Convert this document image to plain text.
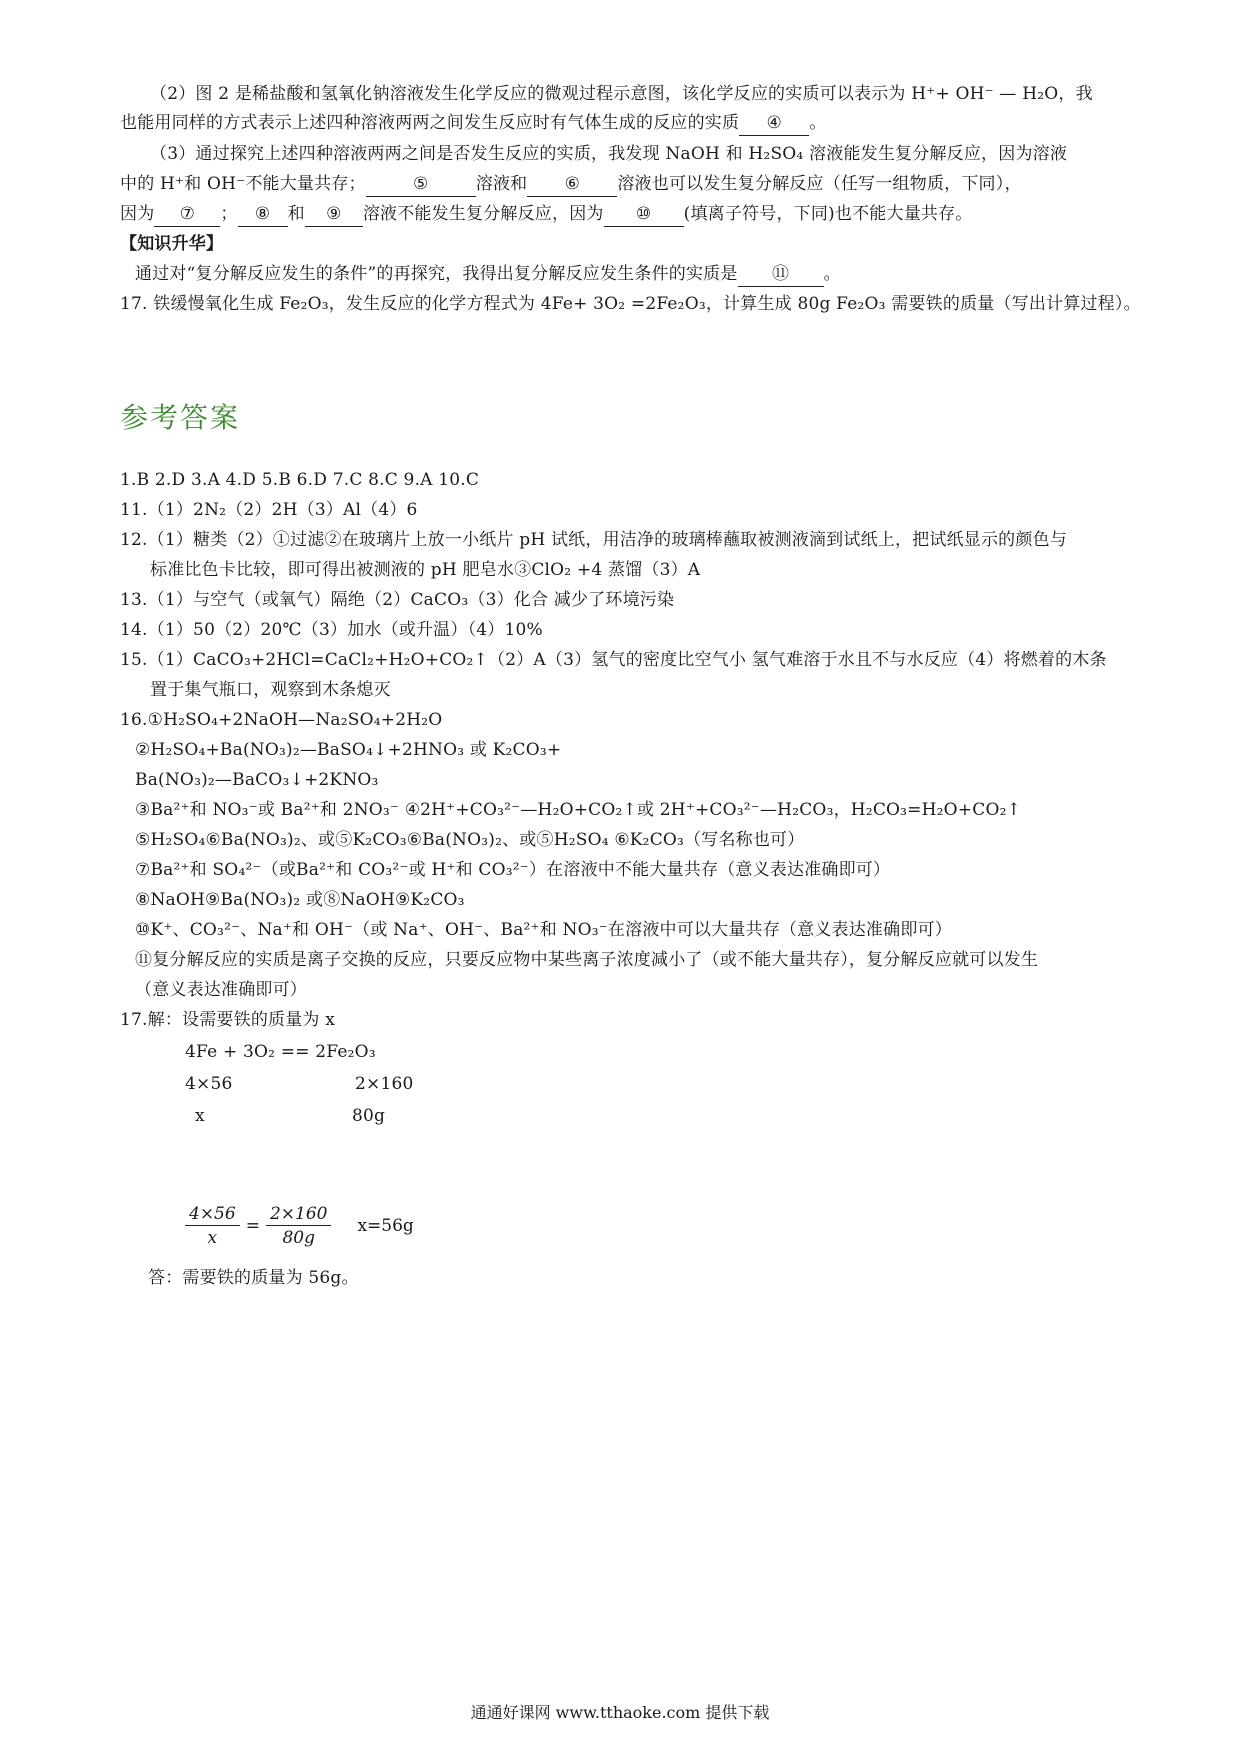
（2）图 2 是稀盐酸和氢氧化钠溶液发生化学反应的微观过程示意图，该化学反应的实质可以表示为 H⁺+ OH⁻ — H₂O，我
也能用同样的方式表示上述四种溶液两两之间发生反应时有气体生成的反应的实质 ④ 。
（3）通过探究上述四种溶液两两之间是否发生反应的实质，我发现 NaOH 和 H₂SO₄ 溶液能发生复分解反应，因为溶液
中的 H⁺和 OH⁻不能大量共存；	⑤	溶液和 ⑥ 溶液也可以发生复分解反应（任写一组物质，下同），
因为 ⑦ ； ⑧ 和 ⑨ 溶液不能发生复分解反应，因为 ⑩ (填离子符号，下同)也不能大量共存。
【知识升华】
通过对“复分解反应发生的条件”的再探究，我得出复分解反应发生条件的实质是 ⑪ 。
17. 铁缓慢氧化生成 Fe₂O₃，发生反应的化学方程式为 4Fe+ 3O₂ =2Fe₂O₃，计算生成 80g Fe₂O₃ 需要铁的质量（写出计算过程）。
参考答案
1.B 2.D 3.A 4.D 5.B 6.D 7.C 8.C 9.A 10.C
11.（1）2N₂（2）2H（3）Al（4）6
12.（1）糖类（2）①过滤②在玻璃片上放一小纸片 pH 试纸，用洁净的玻璃棒蘸取被测液滴到试纸上，把试纸显示的颜色与
标准比色卡比较，即可得出被测液的 pH 肥皂水③ClO₂ +4 蒸馏（3）A
13.（1）与空气（或氧气）隔绝（2）CaCO₃（3）化合 减少了环境污染
14.（1）50（2）20℃（3）加水（或升温）（4）10%
15.（1）CaCO₃+2HCl=CaCl₂+H₂O+CO₂↑（2）A（3）氢气的密度比空气小 氢气难溶于水且不与水反应（4）将燃着的木条
置于集气瓶口，观察到木条熄灭
16.①H₂SO₄+2NaOH—Na₂SO₄+2H₂O
②H₂SO₄+Ba(NO₃)₂—BaSO₄↓+2HNO₃ 或 K₂CO₃+
Ba(NO₃)₂—BaCO₃↓+2KNO₃
③Ba²⁺和 NO₃⁻或 Ba²⁺和 2NO₃⁻ ④2H⁺+CO₃²⁻—H₂O+CO₂↑或 2H⁺+CO₃²⁻—H₂CO₃，H₂CO₃=H₂O+CO₂↑
⑤H₂SO₄⑥Ba(NO₃)₂、或⑤K₂CO₃⑥Ba(NO₃)₂、或⑤H₂SO₄ ⑥K₂CO₃（写名称也可）
⑦Ba²⁺和 SO₄²⁻（或Ba²⁺和 CO₃²⁻或 H⁺和 CO₃²⁻）在溶液中不能大量共存（意义表达准确即可）
⑧NaOH⑨Ba(NO₃)₂ 或⑧NaOH⑨K₂CO₃
⑩K⁺、CO₃²⁻、Na⁺和 OH⁻（或 Na⁺、OH⁻、Ba²⁺和 NO₃⁻在溶液中可以大量共存（意义表达准确即可）
⑪复分解反应的实质是离子交换的反应，只要反应物中某些离子浓度减小了（或不能大量共存），复分解反应就可以发生
（意义表达准确即可）
17.解：设需要铁的质量为 x
4Fe + 3O₂ == 2Fe₂O₃
4×56	2×160
x	80g
$\frac{4\times 56}{x} = \frac{2\times 160}{80g} x=56g$
答：需要铁的质量为 56g。
通通好课网 www.tthaoke.com 提供下载
